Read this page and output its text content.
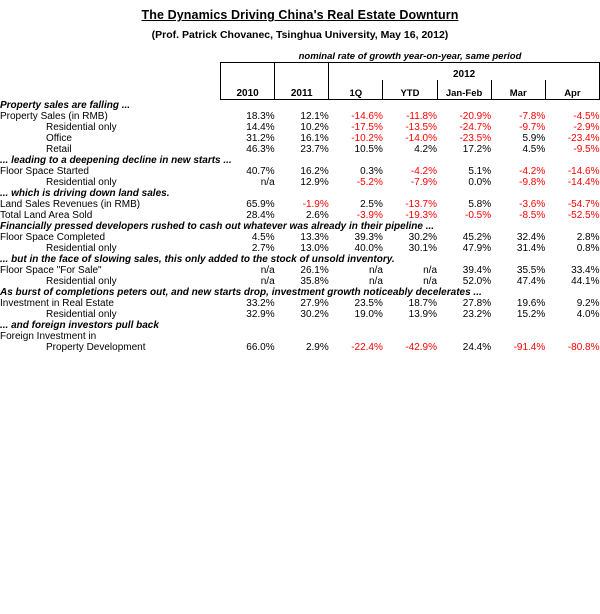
The Dynamics Driving China's Real Estate Downturn
(Prof. Patrick Chovanec, Tsinghua University, May 16, 2012)
	nominal rate of growth year-on-year, same period						
	2010	2011	2012				
			1Q	YTD	Jan-Feb	Mar	Apr
Property sales are falling ...							
Property Sales (in RMB)	18.3%	12.1%	-14.6%	-11.8%	-20.9%	-7.8%	-4.5%
Residential only	14.4%	10.2%	-17.5%	-13.5%	-24.7%	-9.7%	-2.9%
Office	31.2%	16.1%	-10.2%	-14.0%	-23.5%	5.9%	-23.4%
Retail	46.3%	23.7%	10.5%	4.2%	17.2%	4.5%	-9.5%
... leading to a deepening decline in new starts ...							
Floor Space Started	40.7%	16.2%	0.3%	-4.2%	5.1%	-4.2%	-14.6%
Residential only	n/a	12.9%	-5.2%	-7.9%	0.0%	-9.8%	-14.4%
... which is driving down land sales.							
Land Sales Revenues (in RMB)	65.9%	-1.9%	2.5%	-13.7%	5.8%	-3.6%	-54.7%
Total Land Area Sold	28.4%	2.6%	-3.9%	-19.3%	-0.5%	-8.5%	-52.5%
Financially pressed developers rushed to cash out whatever was already in their pipeline ...							
Floor Space Completed	4.5%	13.3%	39.3%	30.2%	45.2%	32.4%	2.8%
Residential only	2.7%	13.0%	40.0%	30.1%	47.9%	31.4%	0.8%
... but in the face of slowing sales, this only added to the stock of unsold inventory.							
Floor Space "For Sale"	n/a	26.1%	n/a	n/a	39.4%	35.5%	33.4%
Residential only	n/a	35.8%	n/a	n/a	52.0%	47.4%	44.1%
As burst of completions peters out, and new starts drop, investment growth noticeably decelerates ...							
Investment in Real Estate	33.2%	27.9%	23.5%	18.7%	27.8%	19.6%	9.2%
Residential only	32.9%	30.2%	19.0%	13.9%	23.2%	15.2%	4.0%
... and foreign investors pull back							
Foreign Investment in							
Property Development	66.0%	2.9%	-22.4%	-42.9%	24.4%	-91.4%	-80.8%
